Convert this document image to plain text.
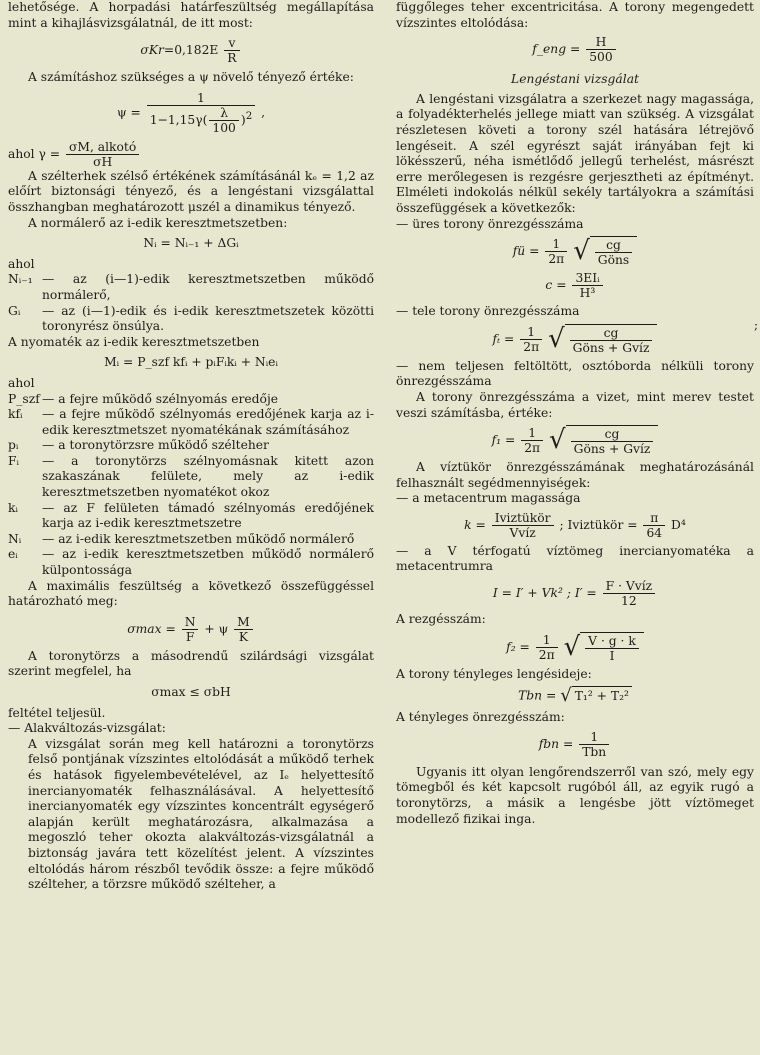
lehetősége. A horpadási határfeszültség megállapítása mint a kihajlásvizsgálatnál, de itt most:

$\sigma Kr=0,182E \frac{v}{R}$

A számításhoz szükséges a ψ növelő tényező értéke:

$\psi = \frac{1}{1-1,15\gamma( \frac{\lambda}{100} )^2}$ ,
ahol $\gamma = \frac{\text{σM, alkotó}}{\sigma H}$

A szélterhek szélső értékének számításánál kₑ = 1,2 az előírt biztonsági tényező, és a lengéstani vizsgálattal összhangban meghatározott μszél a dinamikus tényező.

A normálerő az i-edik keresztmetszetben:

Nᵢ = Nᵢ₋₁ + ΔGᵢ

ahol

Nᵢ₋₁ — az (i—1)-edik keresztmetszetben működő normálerő,
Gᵢ	— az (i—1)-edik és i-edik keresztmetszetek közötti toronyrész önsúlya.

A nyomaték az i-edik keresztmetszetben

Mᵢ = P_szf kfᵢ + pᵢFᵢkᵢ + Nᵢeᵢ

ahol

P_szf — a fejre működő szélnyomás eredője
kfᵢ	— a fejre működő szélnyomás eredőjének karja az i-edik keresztmetszet nyomatékának számításához
pᵢ	— a toronytörzsre működő szélteher
Fᵢ	— a toronytörzs szélnyomásnak kitett azon szakaszának felülete, mely az i-edik keresztmetszetben nyomatékot okoz
kᵢ	— az F felületen támadó szélnyomás eredőjének karja az i-edik keresztmetszetre
Nᵢ	— az i-edik keresztmetszetben működő normálerő
eᵢ	— az i-edik keresztmetszetben működő normálerő külpontossága

A maximális feszültség a következő összefüggéssel határozható meg:

$\sigma\max = \frac{N}{F} + \psi \frac{M}{K}$

A toronytörzs a másodrendű szilárdsági vizsgálat szerint megfelel, ha

σmax ≤ σbH

feltétel teljesül.

— Alakváltozás-vizsgálat:

A vizsgálat során meg kell határozni a toronytörzs felső pontjának vízszintes eltolódását a működő terhek és hatások figyelembevételével, az Iₑ helyettesítő inercianyomaték felhasználásával. A helyettesítő inercianyomaték egy vízszintes koncentrált egységerő alapján került meghatározásra, alkalmazása a megoszló teher okozta alakváltozás-vizsgálatnál a biztonság javára tett közelítést jelent. A vízszintes eltolódás három részből tevődik össze: a fejre működő szélteher, a törzsre működő szélteher, a

függőleges teher excentricitása. A torony megengedett vízszintes eltolódása:

f_eng = $\frac{H}{500}$
Lengéstani vizsgálat

A lengéstani vizsgálatra a szerkezet nagy magassága, a folyadékterhelés jellege miatt van szükség. A vizsgálat részletesen követi a torony szél hatására létrejövő lengéseit. A szél egyrészt saját irányában fejt ki lökésszerű, néha ismétlődő jellegű terhelést, másrészt erre merőlegesen is rezgésre gerjesztheti az építményt. Elméleti indokolás nélkül sekély tartályokra a számítási összefüggések a következők:

— üres torony önrezgésszáma

fü = $\frac{1}{2\pi}$
√ $\frac{cg}{\text{Göns}}$
$c = \frac{\text{3EIᵢ}}{\text{H³}}$

— tele torony önrezgésszáma

$f_t = \frac{1}{2\pi}$
√ $\frac{cg}{\text{Göns + Gvíz}}$

— nem teljesen feltöltött, osztóborda nélküli torony önrezgésszáma

A torony önrezgésszáma a vizet, mint merev testet veszi számításba, értéke:

$f_1 = \frac{1}{2\pi}$
√ $\frac{cg}{\text{Göns + Gvíz}}$

A víztükör önrezgésszámának meghatározásánál felhasznált segédmennyiségek:

— a metacentrum magassága

$k = \frac{\text{Iviztükör}}{\text{Vvíz}}$ ; Iviztükör = $\frac{\pi}{64} D^4$

— a V térfogatú víztömeg inercianyomatéka a metacentrumra

I = I′ + Vk² ; $I' = \frac{\text{F · Vvíz}}{12}$

A rezgésszám:

$f_2 = \frac{1}{2\pi}$
√ $\frac{V \cdot g \cdot k}{I}$

A torony tényleges lengésideje:

Tbn = √ T₁² + T₂²

A tényleges önrezgésszám:

fbn = $\frac{1}{\text{Tbn}}$

Ugyanis itt olyan lengőrendszerről van szó, mely egy tömegből és két kapcsolt rugóból áll, az egyik rugó a toronytörzs, a másik a lengésbe jött víztömeget modellező fizikai inga.

;
